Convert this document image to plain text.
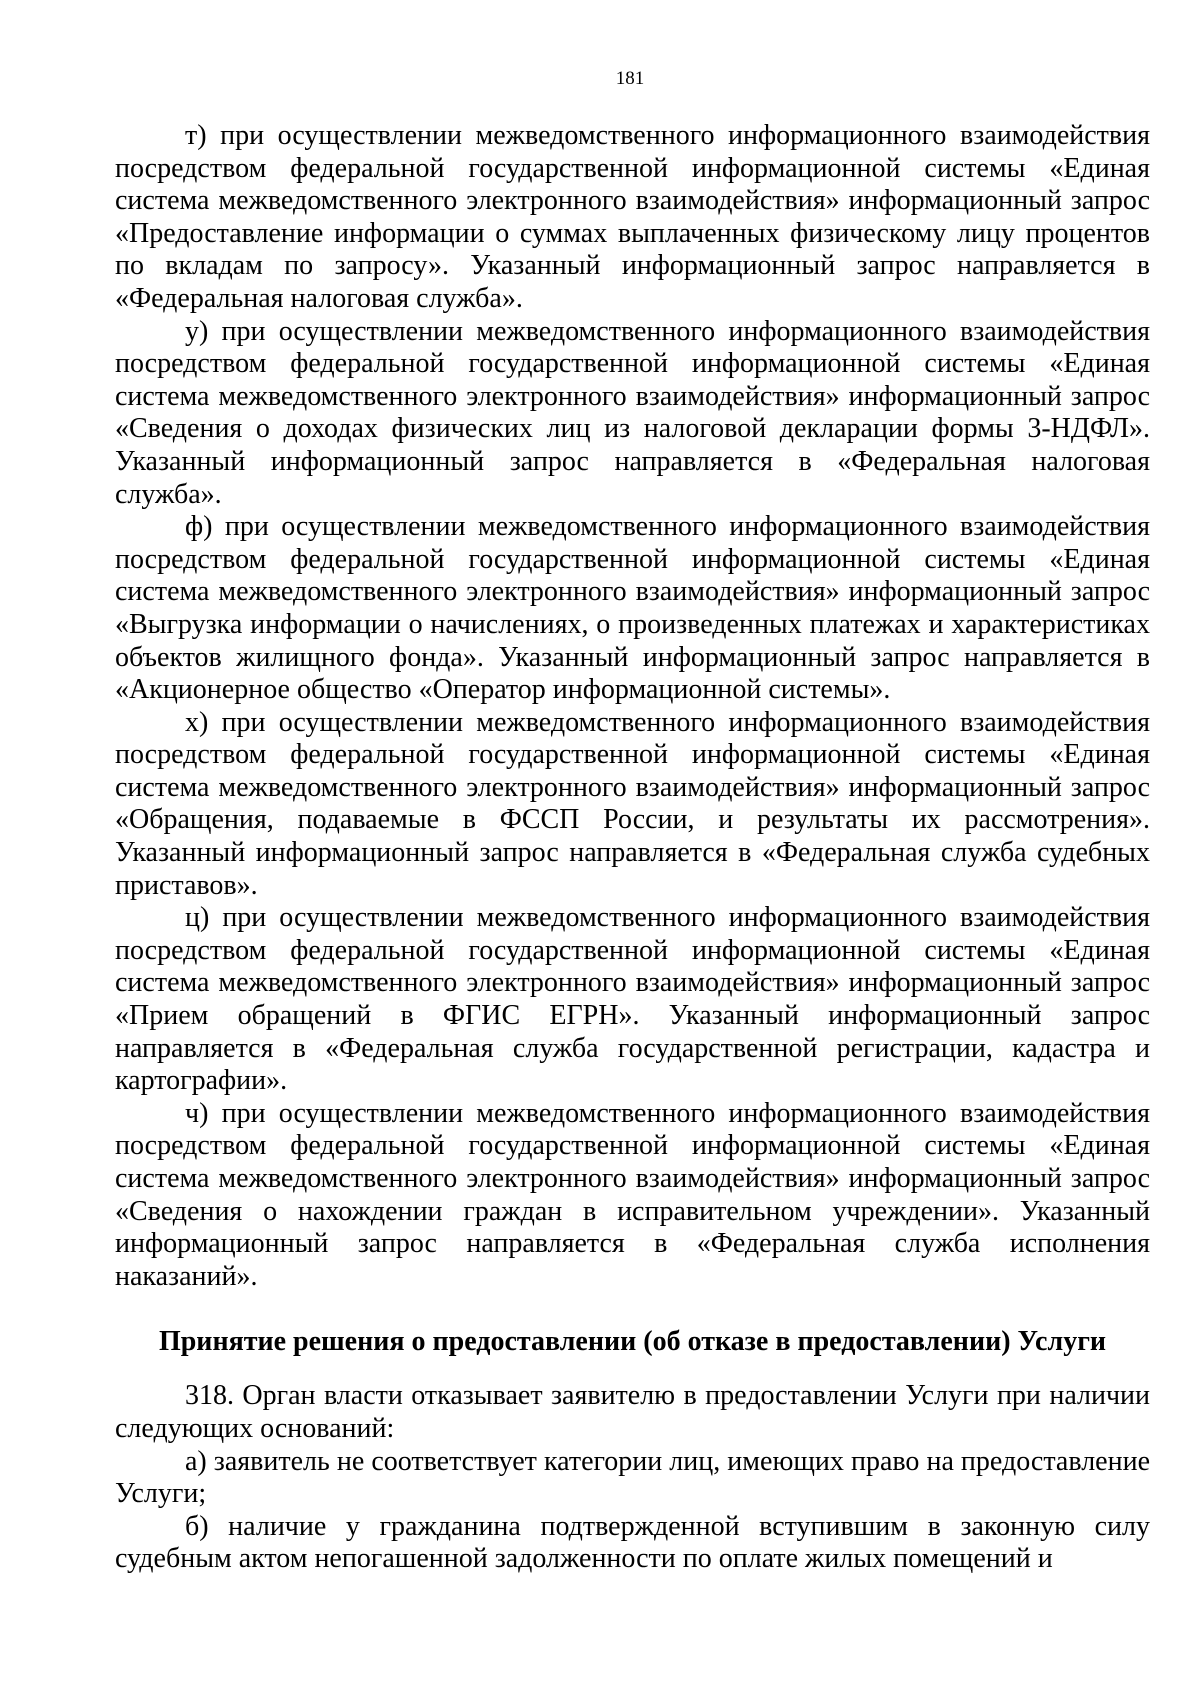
181

т) при осуществлении межведомственного информационного взаимодействия посредством федеральной государственной информационной системы «Единая система межведомственного электронного взаимодействия» информационный запрос «Предоставление информации о суммах выплаченных физическому лицу процентов по вкладам по запросу». Указанный информационный запрос направляется в «Федеральная налоговая служба».

у) при осуществлении межведомственного информационного взаимодействия посредством федеральной государственной информационной системы «Единая система межведомственного электронного взаимодействия» информационный запрос «Сведения о доходах физических лиц из налоговой декларации формы 3-НДФЛ». Указанный информационный запрос направляется в «Федеральная налоговая служба».

ф) при осуществлении межведомственного информационного взаимодействия посредством федеральной государственной информационной системы «Единая система межведомственного электронного взаимодействия» информационный запрос «Выгрузка информации о начислениях, о произведенных платежах и характеристиках объектов жилищного фонда». Указанный информационный запрос направляется в «Акционерное общество «Оператор информационной системы».

х) при осуществлении межведомственного информационного взаимодействия посредством федеральной государственной информационной системы «Единая система межведомственного электронного взаимодействия» информационный запрос «Обращения, подаваемые в ФССП России, и результаты их рассмотрения». Указанный информационный запрос направляется в «Федеральная служба судебных приставов».

ц) при осуществлении межведомственного информационного взаимодействия посредством федеральной государственной информационной системы «Единая система межведомственного электронного взаимодействия» информационный запрос «Прием обращений в ФГИС ЕГРН». Указанный информационный запрос направляется в «Федеральная служба государственной регистрации, кадастра и картографии».

ч) при осуществлении межведомственного информационного взаимодействия посредством федеральной государственной информационной системы «Единая система межведомственного электронного взаимодействия» информационный запрос «Сведения о нахождении граждан в исправительном учреждении». Указанный информационный запрос направляется в «Федеральная служба исполнения наказаний».

Принятие решения о предоставлении (об отказе в предоставлении) Услуги

318. Орган власти отказывает заявителю в предоставлении Услуги при наличии следующих оснований:

а) заявитель не соответствует категории лиц, имеющих право на предоставление Услуги;

б) наличие у гражданина подтвержденной вступившим в законную силу судебным актом непогашенной задолженности по оплате жилых помещений и
